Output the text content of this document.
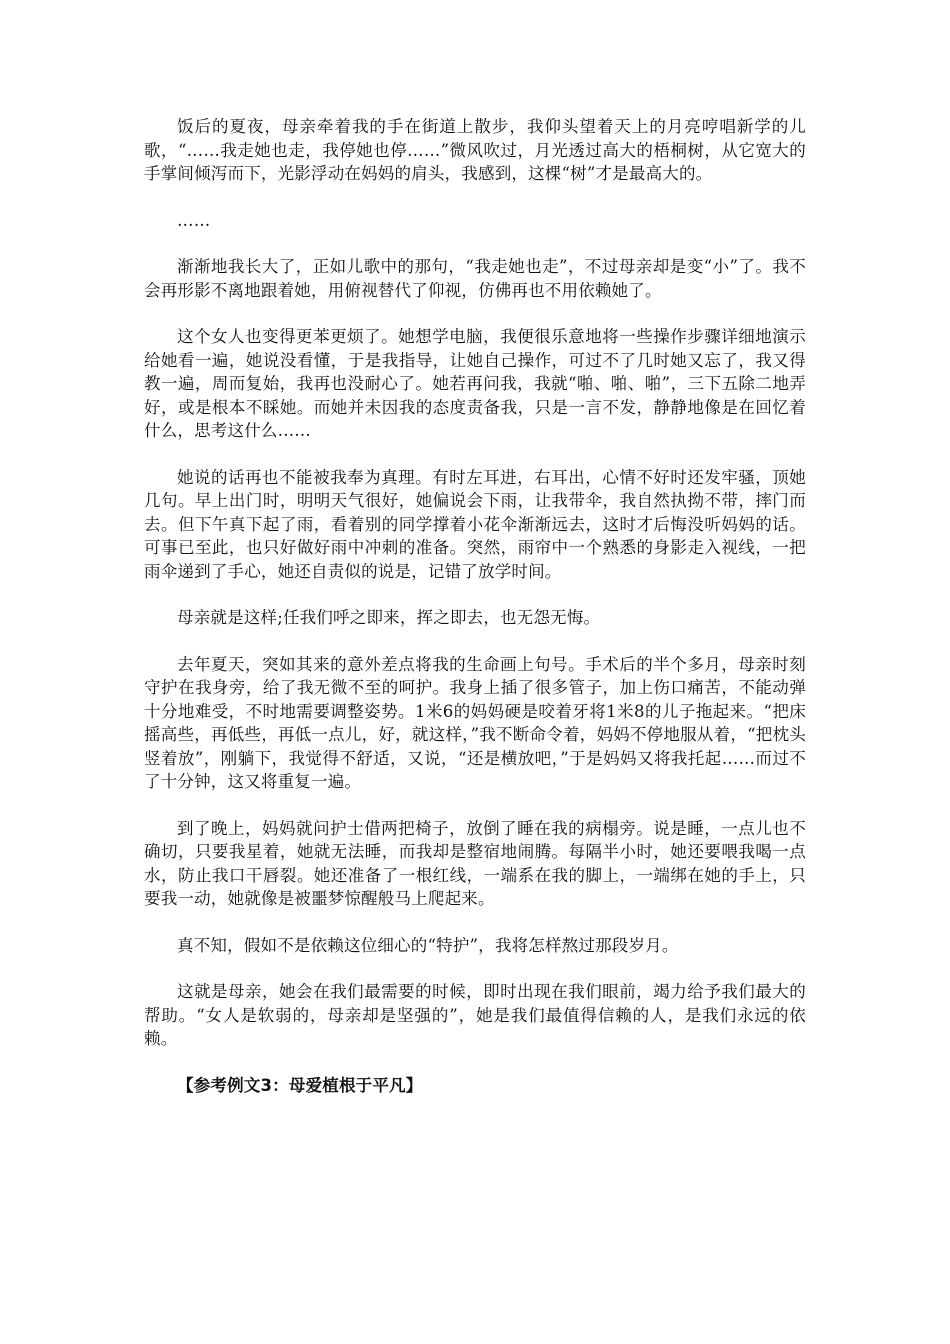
饭后的夏夜，母亲牵着我的手在街道上散步，我仰头望着天上的月亮哼唱新学的儿歌，“……我走她也走，我停她也停……”微风吹过，月光透过高大的梧桐树，从它宽大的手掌间倾泻而下，光影浮动在妈妈的肩头，我感到，这棵“树”才是最高大的。

……

渐渐地我长大了，正如儿歌中的那句，“我走她也走”，不过母亲却是变“小”了。我不会再形影不离地跟着她，用俯视替代了仰视，仿佛再也不用依赖她了。

这个女人也变得更苯更烦了。她想学电脑，我便很乐意地将一些操作步骤详细地演示给她看一遍，她说没看懂，于是我指导，让她自己操作，可过不了几时她又忘了，我又得教一遍，周而复始，我再也没耐心了。她若再问我，我就“啪、啪、啪”，三下五除二地弄好，或是根本不睬她。而她并未因我的态度责备我，只是一言不发，静静地像是在回忆着什么，思考这什么……

她说的话再也不能被我奉为真理。有时左耳进，右耳出，心情不好时还发牢骚，顶她几句。早上出门时，明明天气很好，她偏说会下雨，让我带伞，我自然执拗不带，摔门而去。但下午真下起了雨，看着别的同学撑着小花伞渐渐远去，这时才后悔没听妈妈的话。可事已至此，也只好做好雨中冲刺的准备。突然，雨帘中一个熟悉的身影走入视线，一把雨伞递到了手心，她还自责似的说是，记错了放学时间。

母亲就是这样;任我们呼之即来，挥之即去，也无怨无悔。

去年夏天，突如其来的意外差点将我的生命画上句号。手术后的半个多月，母亲时刻守护在我身旁，给了我无微不至的呵护。我身上插了很多管子，加上伤口痛苦，不能动弹十分地难受，不时地需要调整姿势。1米6的妈妈硬是咬着牙将1米8的儿子拖起来。“把床摇高些，再低些，再低一点儿，好，就这样，”我不断命令着，妈妈不停地服从着，“把枕头竖着放”，刚躺下，我觉得不舒适，又说，“还是横放吧，”于是妈妈又将我托起……而过不了十分钟，这又将重复一遍。

到了晚上，妈妈就问护士借两把椅子，放倒了睡在我的病榻旁。说是睡，一点儿也不确切，只要我星着，她就无法睡，而我却是整宿地闹腾。每隔半小时，她还要喂我喝一点水，防止我口干唇裂。她还准备了一根红线，一端系在我的脚上，一端绑在她的手上，只要我一动，她就像是被噩梦惊醒般马上爬起来。

真不知，假如不是依赖这位细心的“特护”，我将怎样熬过那段岁月。

这就是母亲，她会在我们最需要的时候，即时出现在我们眼前，竭力给予我们最大的帮助。“女人是软弱的，母亲却是坚强的”，她是我们最值得信赖的人，是我们永远的依赖。

【参考例文3：母爱植根于平凡】
